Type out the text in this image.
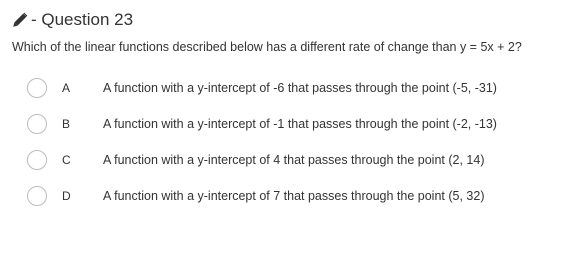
- Question 23
Which of the linear functions described below has a different rate of change than y = 5x + 2?
A	A function with a y-intercept of -6 that passes through the point (-5, -31)
B	A function with a y-intercept of -1 that passes through the point (-2, -13)
C	A function with a y-intercept of 4 that passes through the point (2, 14)
D	A function with a y-intercept of 7 that passes through the point (5, 32)
